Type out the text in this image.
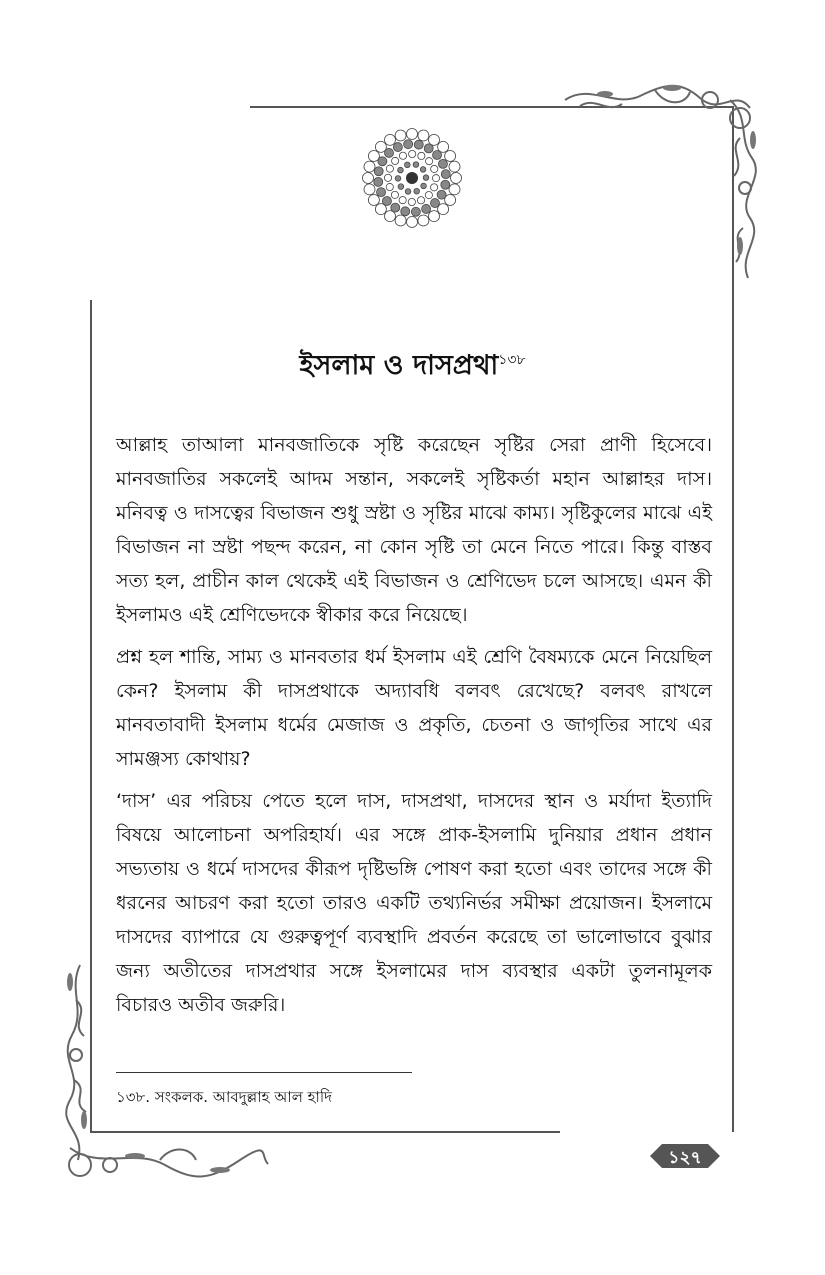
ইসলাম ও দাসপ্রথা$^{১৩৮}$

আল্লাহ তাআলা মানবজাতিকে সৃষ্টি করেছেন সৃষ্টির সেরা প্রাণী হিসেবে। মানবজাতির সকলেই আদম সন্তান, সকলেই সৃষ্টিকর্তা মহান আল্লাহর দাস। মনিবত্ব ও দাসত্বের বিভাজন শুধু স্রষ্টা ও সৃষ্টির মাঝে কাম্য। সৃষ্টিকুলের মাঝে এই বিভাজন না স্রষ্টা পছন্দ করেন, না কোন সৃষ্টি তা মেনে নিতে পারে। কিন্তু বাস্তব সত্য হল, প্রাচীন কাল থেকেই এই বিভাজন ও শ্রেণিভেদ চলে আসছে। এমন কী ইসলামও এই শ্রেণিভেদকে স্বীকার করে নিয়েছে।

প্রশ্ন হল শান্তি, সাম্য ও মানবতার ধর্ম ইসলাম এই শ্রেণি বৈষম্যকে মেনে নিয়েছিল কেন? ইসলাম কী দাসপ্রথাকে অদ্যাবধি বলবৎ রেখেছে? বলবৎ রাখলে মানবতাবাদী ইসলাম ধর্মের মেজাজ ও প্রকৃতি, চেতনা ও জাগৃতির সাথে এর সামঞ্জস্য কোথায়?

‘দাস’ এর পরিচয় পেতে হলে দাস, দাসপ্রথা, দাসদের স্থান ও মর্যাদা ইত্যাদি বিষয়ে আলোচনা অপরিহার্য। এর সঙ্গে প্রাক-ইসলামি দুনিয়ার প্রধান প্রধান সভ্যতায় ও ধর্মে দাসদের কীরূপ দৃষ্টিভঙ্গি পোষণ করা হতো এবং তাদের সঙ্গে কী ধরনের আচরণ করা হতো তারও একটি তথ্যনির্ভর সমীক্ষা প্রয়োজন। ইসলামে দাসদের ব্যাপারে যে গুরুত্বপূর্ণ ব্যবস্থাদি প্রবর্তন করেছে তা ভালোভাবে বুঝার জন্য অতীতের দাসপ্রথার সঙ্গে ইসলামের দাস ব্যবস্থার একটা তুলনামূলক বিচারও অতীব জরুরি।

১৩৮. সংকলক. আবদুল্লাহ আল হাদি
১২৭
